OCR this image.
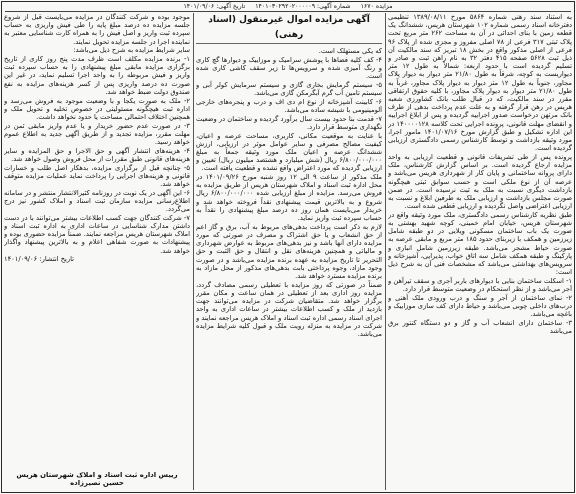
مزایده ۱۶۷۰ شماره آگهی: ۱۴۰۱۰۳۰۲۹۲۰۲۰۰۰۰۰۹ تاریخ آگهی: ۱۴۰۱/۰۹/۰۶

به استناد سند رهنی شماره ۵۸۶۴ مورخ ۱۳۸۹/۰۸/۱۱ تنظیمی دفترخانه اسناد رسمی شماره ۱۰۲ شهرستان هریس، ششدانگ یک قطعه زمین با بنای احداثی در آن به مساحت ۲۶۲ متر مربع تحت پلاک ثبتی ۳۱۷ فرعی از ۷۸ اصلی مفروز و مجزی شده از پلاک ۹۶ فرعی از اصلی مذکور واقع در بخش ۱۸ تبریز که سند مالکیت آن ذیل ثبت ۵۶۲۸ صفحه ۴۱۵ دفتر ۳۲ به نام راهن ثبت و صادر و تسلیم گردیده است با حدود اربعه: شمالاً به طول ۱۲ متر دیواریست به کوچه، شرقاً به طول ۲۱/۸۰ متر دیوار به دیوار پلاک مجاور، جنوباً به طول ۱۲ متر دیوار به دیوار پلاک مجاور، غرباً به طول ۲۱/۸۰ متر دیوار به دیوار پلاک مجاور، با کلیه حقوق ارتفاقی مقرر در سند مالکیت، که در قبال طلب بانک کشاورزی شعبه هریس در رهن قرار گرفته و به علت عدم پرداخت بدهی از طرف بانک مرتهن درخواست صدور اجراییه گردیده و پس از ابلاغ اجراییه و انقضای مهلت قانونی، پرونده اجرایی تحت کلاسه ۱۴۰۰۰۰۱۲۸ در این اداره تشکیل و طبق گزارش مورخ ۱۴۰۱/۰۷/۱۶ مامور اجرا، مورد وثیقه بازداشت و توسط کارشناس رسمی دادگستری ارزیابی گردیده است.

پرونده پس از طی تشریفات قانونی و قطعیت ارزیابی به واحد مزایده ارجاع گردیده است. بر اساس گزارش کارشناس، ملک دارای پروانه ساختمانی و پایان کار از شهرداری هریس می‌باشد و عرصه آن از نوع ملکی است و حسب سوابق ثبتی هیچگونه بازداشت دیگری نسبت به ملک به ثبت نرسیده است. در ضمن صورت مجلس بازداشت و ارزیابی ملک به طرفین ابلاغ و نسبت به ارزیابی اعتراضی واصل نگردیده و ارزیابی قطعی شده است.

طبق نظریه کارشناس رسمی دادگستری، ملک مورد وثیقه واقع در شهرستان هریس، خیابان امام خمینی، کوچه شهید بهشتی به صورت یک باب ساختمان مسکونی ویلایی در دو طبقه شامل زیرزمین و همکف با زیربنای حدود ۱۸۵ متر مربع و مابقی عرصه به صورت حیاط مشجر می‌باشد. طبقه زیرزمین شامل انباری و پارکینگ و طبقه همکف شامل سه اتاق خواب، پذیرایی، آشپزخانه و سرویس‌های بهداشتی می‌باشد که مشخصات فنی آن به شرح ذیل است:

۱- اسکلت ساختمان بنایی با دیوارهای باربر آجری و سقف تیرآهن و آجر می‌باشد و از نظر استحکام در وضعیت متوسط قرار دارد.

۲- نمای ساختمان از آجر و سنگ و درب ورودی ملک آهنی و درب‌های داخلی چوبی می‌باشد و حیاط دارای کف سازی موزاییک و باغچه می‌باشد.

۳- ساختمان دارای انشعاب آب و گاز و دو دستگاه کنتور برق می‌باشد

آگهی مزایده اموال غیرمنقول (اسناد رهنی)

که یکی مستهلک است.

۴- کف کلیه فضاها با پوشش سرامیک و موزاییک و دیوارها گچ کاری و رنگ آمیزی شده و سرویس‌ها تا زیر سقف کاشی کاری شده است.

۵- سیستم گرمایش بخاری گازی و سیستم سرمایش کولر آبی و سیستم تامین آب گرم آبگرمکن گازی می‌باشد.

۶- کابینت آشپزخانه از نوع ام دی اف و درب و پنجره‌های خارجی آلومینیومی با شیشه ساده می‌باشد.

۷- قدمت بنا حدود بیست سال برآورد گردیده و ساختمان در وضعیت نگهداری متوسط قرار دارد.

با عنایت به موقعیت مکانی، کاربری، مساحت عرصه و اعیان، کیفیت مصالح مصرفی و سایر عوامل موثر در ارزیابی، ارزش ششدانگ عرصه و اعیان ملک مورد وثیقه جمعاً به مبلغ ۶/۸۰۰/۰۰۰/۰۰۰ ریال (شش میلیارد و هشتصد میلیون ریال) تعیین و ارزیابی گردیده که مورد اعتراض واقع نشده و قطعیت یافته است.

ملک مذکور از ساعت ۹ الی ۱۲ روز شنبه مورخ ۱۴۰۱/۰۹/۲۶ در محل اداره ثبت اسناد و املاک شهرستان هریس از طریق مزایده به فروش می‌رسد. مزایده از مبلغ ارزیابی شده ۶/۸۰۰/۰۰۰/۰۰۰ ریال شروع و به بالاترین قیمت پیشنهادی نقداً فروخته خواهد شد و خریدار می‌بایست همان روز ده درصد مبلغ پیشنهادی را نقداً به حساب سپرده ثبت واریز نماید.

لازم به ذکر است پرداخت بدهی‌های مربوط به آب، برق و گاز اعم از حق انشعاب و یا حق اشتراک و مصرف در صورتی که مورد مزایده دارای آنها باشد و نیز بدهی‌های مربوط به عوارض شهرداری و مالیاتی و همچنین هزینه‌های نقل و انتقال و حق الثبت و حق التحریر تا تاریخ مزایده به عهده برنده مزایده می‌باشد و در صورت وجود مازاد، وجوه پرداختی بابت بدهی‌های مذکور از محل مازاد به برنده مزایده مسترد خواهد شد.

ضمناً در صورتی که روز مزایده با تعطیلی رسمی مصادف گردد، مزایده روز اداری بعد از تعطیلی در همان ساعت و مکان مقرر برگزار خواهد شد. متقاضیان شرکت در مزایده می‌توانند جهت بازدید از ملک و کسب اطلاعات بیشتر در ساعات اداری به واحد اجرای اسناد رسمی اداره ثبت اسناد و املاک هریس مراجعه نمایند و شرکت در مزایده به منزله رویت ملک و قبول کلیه شرایط مزایده می‌باشد.

موجود بوده و شرکت کنندگان در مزایده می‌بایست قبل از شروع جلسه مزایده ده درصد مبلغ پایه را طی فیش واریزی به حساب سپرده ثبت واریز و اصل فیش را به همراه کارت شناسایی معتبر به نماینده اجرا در جلسه مزایده تحویل نمایند.

سایر شرایط مزایده به شرح ذیل می‌باشد:

۱- برنده مزایده مکلف است ظرف مدت پنج روز کاری از تاریخ برگزاری مزایده مابقی مبلغ پیشنهادی را به حساب سپرده ثبت واریز و فیش مربوطه را به واحد اجرا تسلیم نماید، در غیر این صورت ده درصد واریزی پس از کسر هزینه‌های مزایده به نفع صندوق دولت ضبط خواهد شد.

۲- ملک به صورت یکجا و با وضعیت موجود به فروش می‌رسد و اداره ثبت هیچگونه مسئولیتی در خصوص تخلیه و تحویل ملک و همچنین اختلاف احتمالی مساحت یا حدود نخواهد داشت.

۳- در صورت عدم حضور خریدار و یا عدم واریز مابقی ثمن در مهلت مقرر، مزایده تجدید و از طریق آگهی جدید به اطلاع عموم خواهد رسید.

۴- هزینه‌های انتشار آگهی و حق الاجرا و حق المزایده و سایر هزینه‌های قانونی طبق مقررات از محل فروش وصول خواهد شد.

۵- چنانچه قبل از برگزاری مزایده، بدهکار اصل طلب و خسارات قانونی و هزینه‌های اجرایی را پرداخت نماید عملیات مزایده متوقف خواهد شد.

۶- این آگهی در یک نوبت در روزنامه کثیرالانتشار منتشر و در سامانه اطلاع‌رسانی مزایده سازمان ثبت اسناد و املاک کشور نیز درج می‌گردد.

۷- شرکت کنندگان جهت کسب اطلاعات بیشتر می‌توانند با در دست داشتن مدارک شناسایی در ساعات اداری به اداره ثبت اسناد و املاک شهرستان هریس مراجعه نمایند. ضمناً مزایده حضوری بوده و پیشنهادات به صورت شفاهی اعلام و به بالاترین پیشنهاد واگذار خواهد شد.

تاریخ انتشار: ۱۴۰۱/۰۹/۰۶

رییس اداره ثبت اسناد و املاک شهرستان هریس
حسین نصیرزاده
